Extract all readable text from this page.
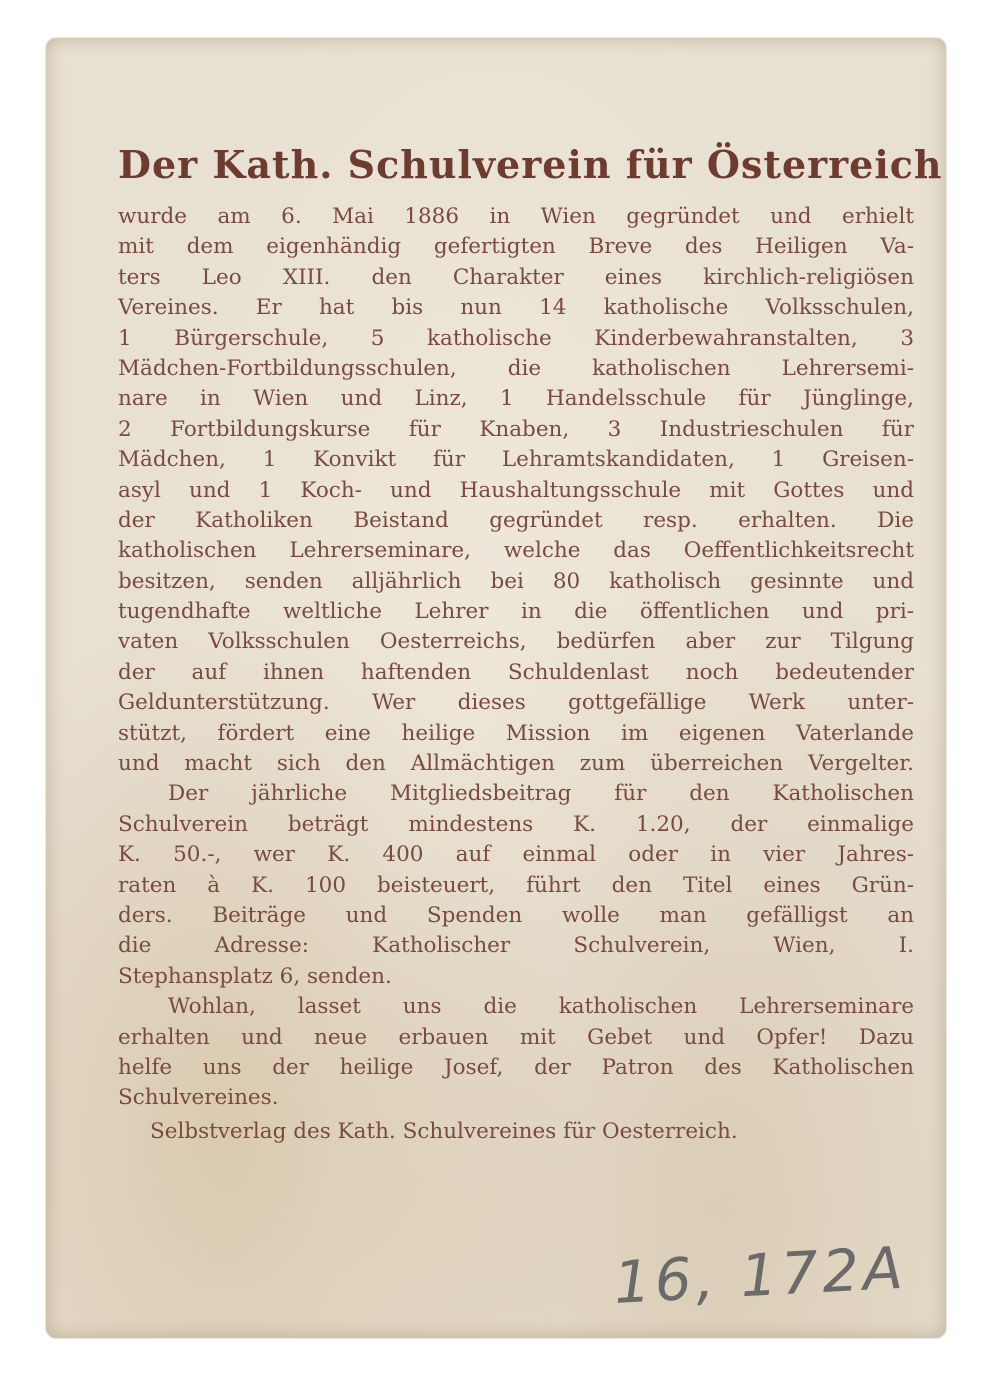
Der Kath. Schulverein für Österreich
wurde am 6. Mai 1886 in Wien gegründet und erhielt
mit dem eigenhändig gefertigten Breve des Heiligen Va-
ters Leo XIII. den Charakter eines kirchlich-religiösen
Vereines. Er hat bis nun 14 katholische Volksschulen,
1 Bürgerschule, 5 katholische Kinderbewahranstalten, 3
Mädchen-Fortbildungsschulen, die katholischen Lehrersemi-
nare in Wien und Linz, 1 Handelsschule für Jünglinge,
2 Fortbildungskurse für Knaben, 3 Industrieschulen für
Mädchen, 1 Konvikt für Lehramtskandidaten, 1 Greisen-
asyl und 1 Koch- und Haushaltungsschule mit Gottes und
der Katholiken Beistand gegründet resp. erhalten. Die
katholischen Lehrerseminare, welche das Oeffentlichkeitsrecht
besitzen, senden alljährlich bei 80 katholisch gesinnte und
tugendhafte weltliche Lehrer in die öffentlichen und pri-
vaten Volksschulen Oesterreichs, bedürfen aber zur Tilgung
der auf ihnen haftenden Schuldenlast noch bedeutender
Geldunterstützung. Wer dieses gottgefällige Werk unter-
stützt, fördert eine heilige Mission im eigenen Vaterlande
und macht sich den Allmächtigen zum überreichen Vergelter.
Der jährliche Mitgliedsbeitrag für den Katholischen
Schulverein beträgt mindestens K. 1.20, der einmalige
K. 50.-, wer K. 400 auf einmal oder in vier Jahres-
raten à K. 100 beisteuert, führt den Titel eines Grün-
ders. Beiträge und Spenden wolle man gefälligst an
die Adresse: Katholischer Schulverein, Wien, I.
Stephansplatz 6, senden.
Wohlan, lasset uns die katholischen Lehrerseminare
erhalten und neue erbauen mit Gebet und Opfer! Dazu
helfe uns der heilige Josef, der Patron des Katholischen
Schulvereines.
Selbstverlag des Kath. Schulvereines für Oesterreich.
16, 172A
